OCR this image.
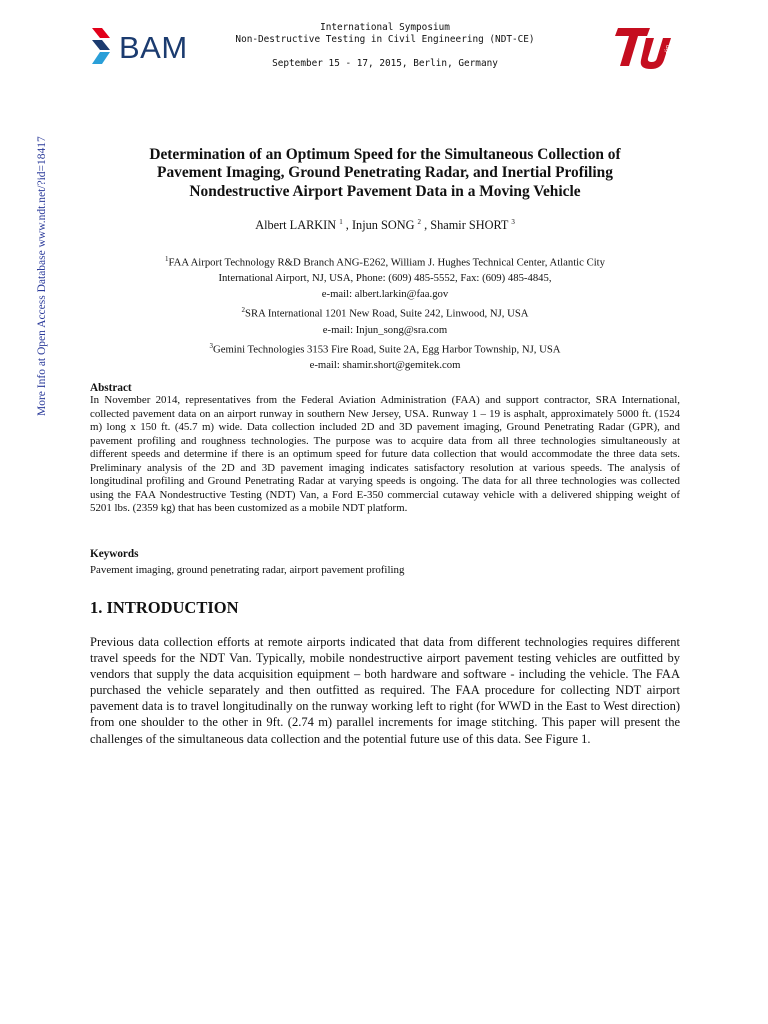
BAM
International Symposium
Non-Destructive Testing in Civil Engineering (NDT-CE)
September 15 - 17, 2015, Berlin, Germany
berlin
More Info at Open Access Database www.ndt.net/?id=18417	Determination of an Optimum Speed for the Simultaneous Collection of
Pavement Imaging, Ground Penetrating Radar, and Inertial Profiling
Nondestructive Airport Pavement Data in a Moving Vehicle
Albert LARKIN $^1$ , Injun SONG $^2$ , Shamir SHORT $^3$
$^1$FAA Airport Technology R&D Branch ANG-E262, William J. Hughes Technical Center, Atlantic City
International Airport, NJ, USA, Phone: (609) 485-5552, Fax: (609) 485-4845,
e-mail: albert.larkin@faa.gov
$^2$SRA International 1201 New Road, Suite 242, Linwood, NJ, USA
e-mail: Injun_song@sra.com
$^3$Gemini Technologies 3153 Fire Road, Suite 2A, Egg Harbor Township, NJ, USA
e-mail: shamir.short@gemitek.com
Abstract
In November 2014, representatives from the Federal Aviation Administration (FAA) and support contractor, SRA International, collected pavement data on an airport runway in southern New Jersey, USA. Runway 1 – 19 is asphalt, approximately 5000 ft. (1524 m) long x 150 ft. (45.7 m) wide. Data collection included 2D and 3D pavement imaging, Ground Penetrating Radar (GPR), and pavement profiling and roughness technologies. The purpose was to acquire data from all three technologies simultaneously at different speeds and determine if there is an optimum speed for future data collection that would accommodate the three data sets. Preliminary analysis of the 2D and 3D pavement imaging indicates satisfactory resolution at various speeds. The analysis of longitudinal profiling and Ground Penetrating Radar at varying speeds is ongoing. The data for all three technologies was collected using the FAA Nondestructive Testing (NDT) Van, a Ford E-350 commercial cutaway vehicle with a delivered shipping weight of 5201 lbs. (2359 kg) that has been customized as a mobile NDT platform.
Keywords
Pavement imaging, ground penetrating radar, airport pavement profiling
1. INTRODUCTION
Previous data collection efforts at remote airports indicated that data from different technologies requires different travel speeds for the NDT Van. Typically, mobile nondestructive airport pavement testing vehicles are outfitted by vendors that supply the data acquisition equipment – both hardware and software - including the vehicle. The FAA purchased the vehicle separately and then outfitted as required. The FAA procedure for collecting NDT airport pavement data is to travel longitudinally on the runway working left to right (for WWD in the East to West direction) from one shoulder to the other in 9ft. (2.74 m) parallel increments for image stitching. This paper will present the challenges of the simultaneous data collection and the potential future use of this data. See Figure 1.
